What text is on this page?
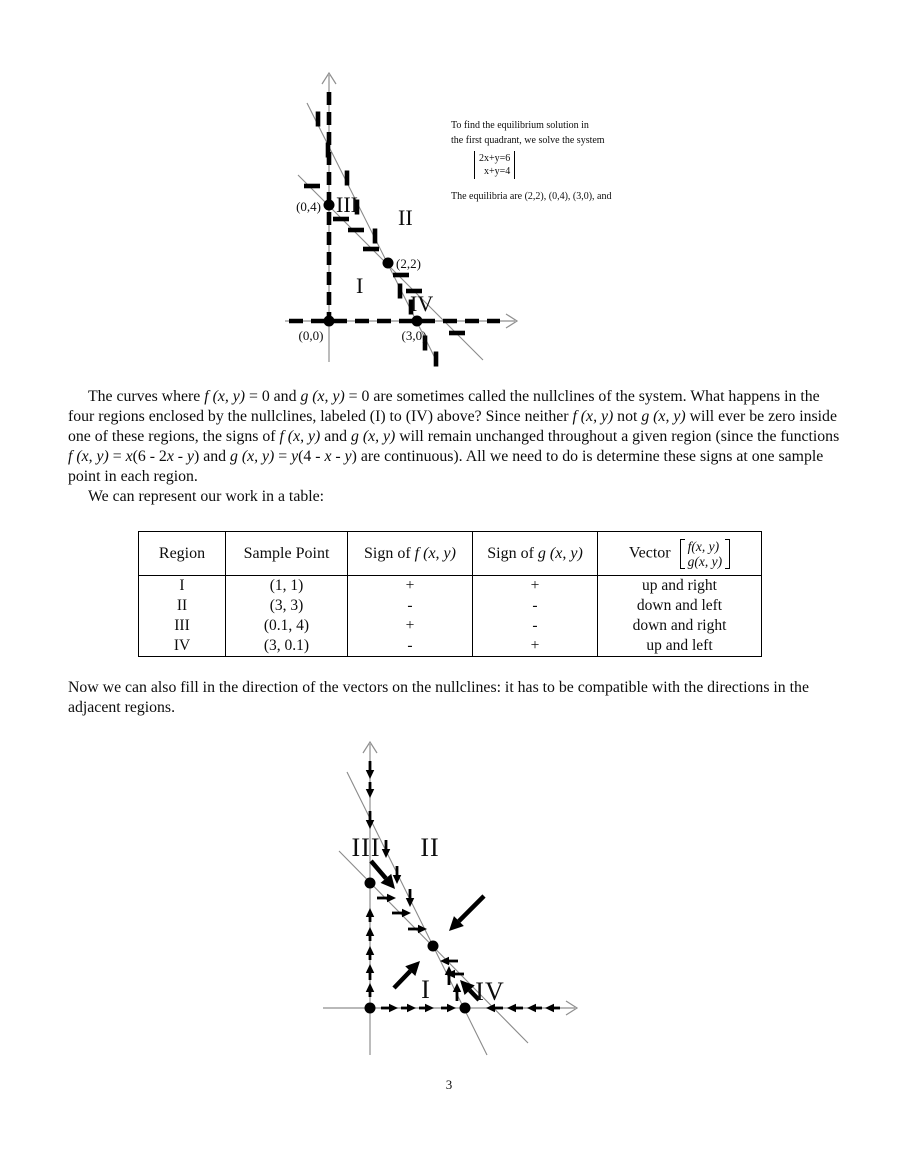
(0,4) III
II
(2,2)
I
IV
(0,0)	(3,0)
III II
I IV
To find the equilibrium solution in
the first quadrant, we solve the system
2x+y=6
x+y=4
The equilibria are (2,2), (0,4), (3,0), and

The curves where f (x, y) = 0 and g (x, y) = 0 are sometimes called the nullclines of the system. What happens in the four regions enclosed by the nullclines, labeled (I) to (IV) above? Since neither f (x, y) not g (x, y) will ever be zero inside one of these regions, the signs of f (x, y) and g (x, y) will remain unchanged throughout a given region (since the functions f (x, y) = x(6 - 2x - y) and g (x, y) = y(4 - x - y) are continuous). All we need to do is determine these signs at one sample point in each region.

We can represent our work in a table:

Region	Sample Point	Sign of f (x, y)	Sign of g (x, y)	Vector f(x, y)
g(x, y)

I	(1, 1)	+	+	up and right
II	(3, 3)	-	-	down and left
III	(0.1, 4)	+	-	down and right
IV	(3, 0.1)	-	+	up and left

Now we can also fill in the direction of the vectors on the nullclines: it has to be compatible with the directions in the adjacent regions.

3
